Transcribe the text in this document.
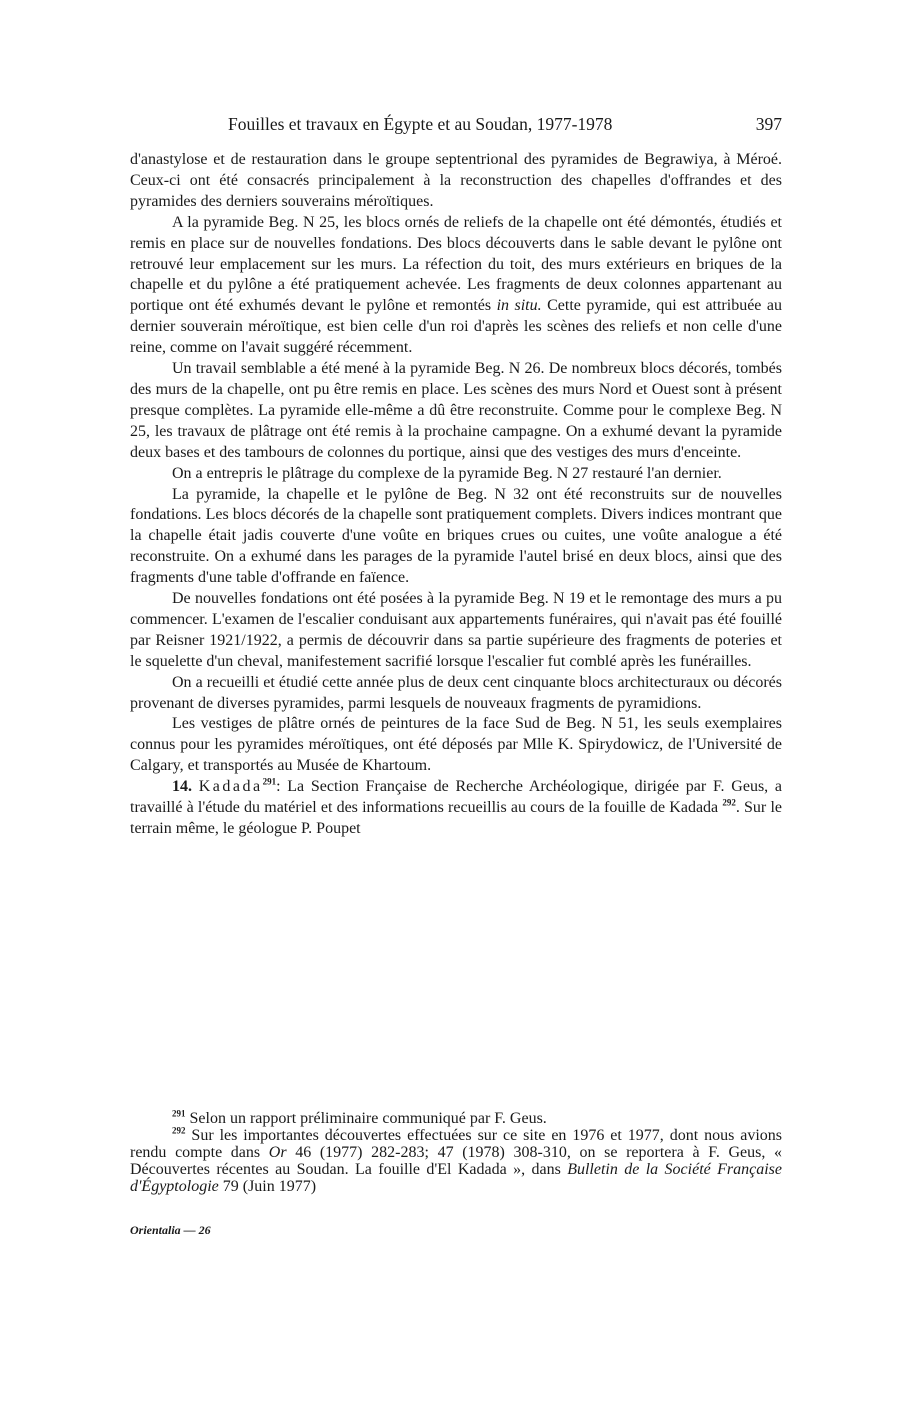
Fouilles et travaux en Égypte et au Soudan, 1977-1978	397

d'anastylose et de restauration dans le groupe septentrional des pyramides de Begrawiya, à Méroé. Ceux-ci ont été consacrés principalement à la reconstruction des chapelles d'offrandes et des pyramides des derniers souverains méroïtiques.

A la pyramide Beg. N 25, les blocs ornés de reliefs de la chapelle ont été démontés, étudiés et remis en place sur de nouvelles fondations. Des blocs découverts dans le sable devant le pylône ont retrouvé leur emplacement sur les murs. La réfection du toit, des murs extérieurs en briques de la chapelle et du pylône a été pratiquement achevée. Les fragments de deux colonnes appartenant au portique ont été exhumés devant le pylône et remontés in situ. Cette pyramide, qui est attribuée au dernier souverain méroïtique, est bien celle d'un roi d'après les scènes des reliefs et non celle d'une reine, comme on l'avait suggéré récemment.

Un travail semblable a été mené à la pyramide Beg. N 26. De nombreux blocs décorés, tombés des murs de la chapelle, ont pu être remis en place. Les scènes des murs Nord et Ouest sont à présent presque complètes. La pyramide elle-même a dû être reconstruite. Comme pour le complexe Beg. N 25, les travaux de plâtrage ont été remis à la prochaine campagne. On a exhumé devant la pyramide deux bases et des tambours de colonnes du portique, ainsi que des vestiges des murs d'enceinte.

On a entrepris le plâtrage du complexe de la pyramide Beg. N 27 restauré l'an dernier.

La pyramide, la chapelle et le pylône de Beg. N 32 ont été reconstruits sur de nouvelles fondations. Les blocs décorés de la chapelle sont pratiquement complets. Divers indices montrant que la chapelle était jadis couverte d'une voûte en briques crues ou cuites, une voûte analogue a été reconstruite. On a exhumé dans les parages de la pyramide l'autel brisé en deux blocs, ainsi que des fragments d'une table d'offrande en faïence.

De nouvelles fondations ont été posées à la pyramide Beg. N 19 et le remontage des murs a pu commencer. L'examen de l'escalier conduisant aux appartements funéraires, qui n'avait pas été fouillé par Reisner 1921/1922, a permis de découvrir dans sa partie supérieure des fragments de poteries et le squelette d'un cheval, manifestement sacrifié lorsque l'escalier fut comblé après les funérailles.

On a recueilli et étudié cette année plus de deux cent cinquante blocs architecturaux ou décorés provenant de diverses pyramides, parmi lesquels de nouveaux fragments de pyramidions.

Les vestiges de plâtre ornés de peintures de la face Sud de Beg. N 51, les seuls exemplaires connus pour les pyramides méroïtiques, ont été déposés par Mlle K. Spirydowicz, de l'Université de Calgary, et transportés au Musée de Khartoum.

14. Kadada$^{291}$: La Section Française de Recherche Archéologique, dirigée par F. Geus, a travaillé à l'étude du matériel et des informations recueillis au cours de la fouille de Kadada $^{292}$. Sur le terrain même, le géologue P. Poupet

$^{291}$ Selon un rapport préliminaire communiqué par F. Geus.

$^{292}$ Sur les importantes découvertes effectuées sur ce site en 1976 et 1977, dont nous avions rendu compte dans Or 46 (1977) 282-283; 47 (1978) 308-310, on se reportera à F. Geus, « Découvertes récentes au Soudan. La fouille d'El Kadada », dans Bulletin de la Société Française d'Égyptologie 79 (Juin 1977)

Orientalia — 26
